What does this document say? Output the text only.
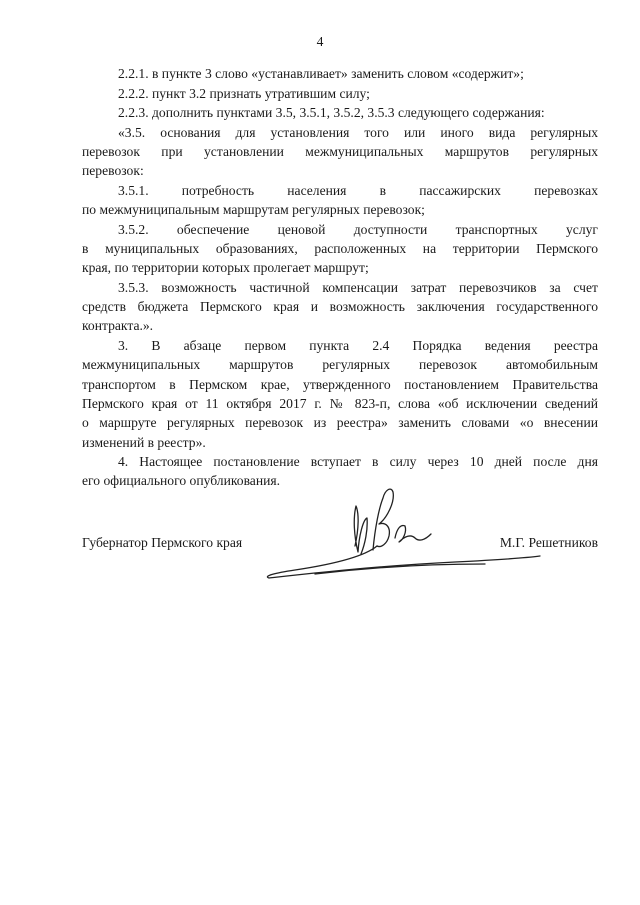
4
2.2.1. в пункте 3 слово «устанавливает» заменить словом «содержит»;
2.2.2. пункт 3.2 признать утратившим силу;
2.2.3. дополнить пунктами 3.5, 3.5.1, 3.5.2, 3.5.3 следующего содержания:
«3.5. основания для установления того или иного вида регулярных
перевозок при установлении межмуниципальных маршрутов регулярных
перевозок:
3.5.1. потребность населения в пассажирских перевозках
по межмуниципальным маршрутам регулярных перевозок;
3.5.2. обеспечение ценовой доступности транспортных услуг
в муниципальных образованиях, расположенных на территории Пермского
края, по территории которых пролегает маршрут;
3.5.3. возможность частичной компенсации затрат перевозчиков за счет
средств бюджета Пермского края и возможность заключения государственного
контракта.».
3. В абзаце первом пункта 2.4 Порядка ведения реестра
межмуниципальных маршрутов регулярных перевозок автомобильным
транспортом в Пермском крае, утвержденного постановлением Правительства
Пермского края от 11 октября 2017 г. № 823-п, слова «об исключении сведений
о маршруте регулярных перевозок из реестра» заменить словами «о внесении
изменений в реестр».
4. Настоящее постановление вступает в силу через 10 дней после дня
его официального опубликования.
Губернатор Пермского края	М.Г. Решетников
